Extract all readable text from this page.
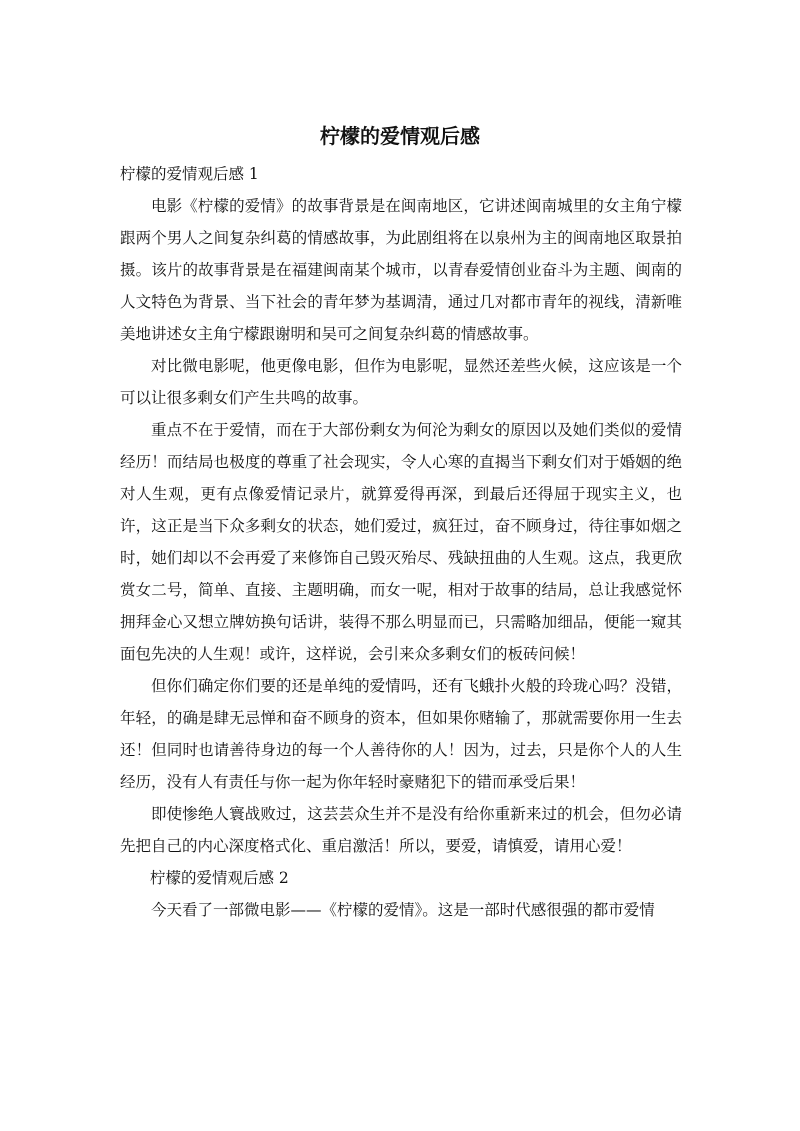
柠檬的爱情观后感

柠檬的爱情观后感 1

电影《柠檬的爱情》的故事背景是在闽南地区，它讲述闽南城里的女主角宁檬跟两个男人之间复杂纠葛的情感故事，为此剧组将在以泉州为主的闽南地区取景拍摄。该片的故事背景是在福建闽南某个城市，以青春爱情创业奋斗为主题、闽南的人文特色为背景、当下社会的青年梦为基调清，通过几对都市青年的视线，清新唯美地讲述女主角宁檬跟谢明和吴可之间复杂纠葛的情感故事。

对比微电影呢，他更像电影，但作为电影呢，显然还差些火候，这应该是一个可以让很多剩女们产生共鸣的故事。

重点不在于爱情，而在于大部份剩女为何沦为剩女的原因以及她们类似的爱情经历！而结局也极度的尊重了社会现实，令人心寒的直揭当下剩女们对于婚姻的绝对人生观，更有点像爱情记录片，就算爱得再深，到最后还得屈于现实主义，也许，这正是当下众多剩女的状态，她们爱过，疯狂过，奋不顾身过，待往事如烟之时，她们却以不会再爱了来修饰自己毁灭殆尽、残缺扭曲的人生观。这点，我更欣赏女二号，简单、直接、主题明确，而女一呢，相对于故事的结局，总让我感觉怀拥拜金心又想立牌妨换句话讲，装得不那么明显而已，只需略加细品，便能一窥其面包先决的人生观！或许，这样说，会引来众多剩女们的板砖问候！

但你们确定你们要的还是单纯的爱情吗，还有飞蛾扑火般的玲珑心吗？没错，年轻，的确是肆无忌惮和奋不顾身的资本，但如果你赌输了，那就需要你用一生去还！但同时也请善待身边的每一个人善待你的人！因为，过去，只是你个人的人生经历，没有人有责任与你一起为你年轻时豪赌犯下的错而承受后果！

即使惨绝人寰战败过，这芸芸众生并不是没有给你重新来过的机会，但勿必请先把自己的内心深度格式化、重启激活！所以，要爱，请慎爱，请用心爱！

柠檬的爱情观后感 2

今天看了一部微电影——《柠檬的爱情》。这是一部时代感很强的都市爱情
